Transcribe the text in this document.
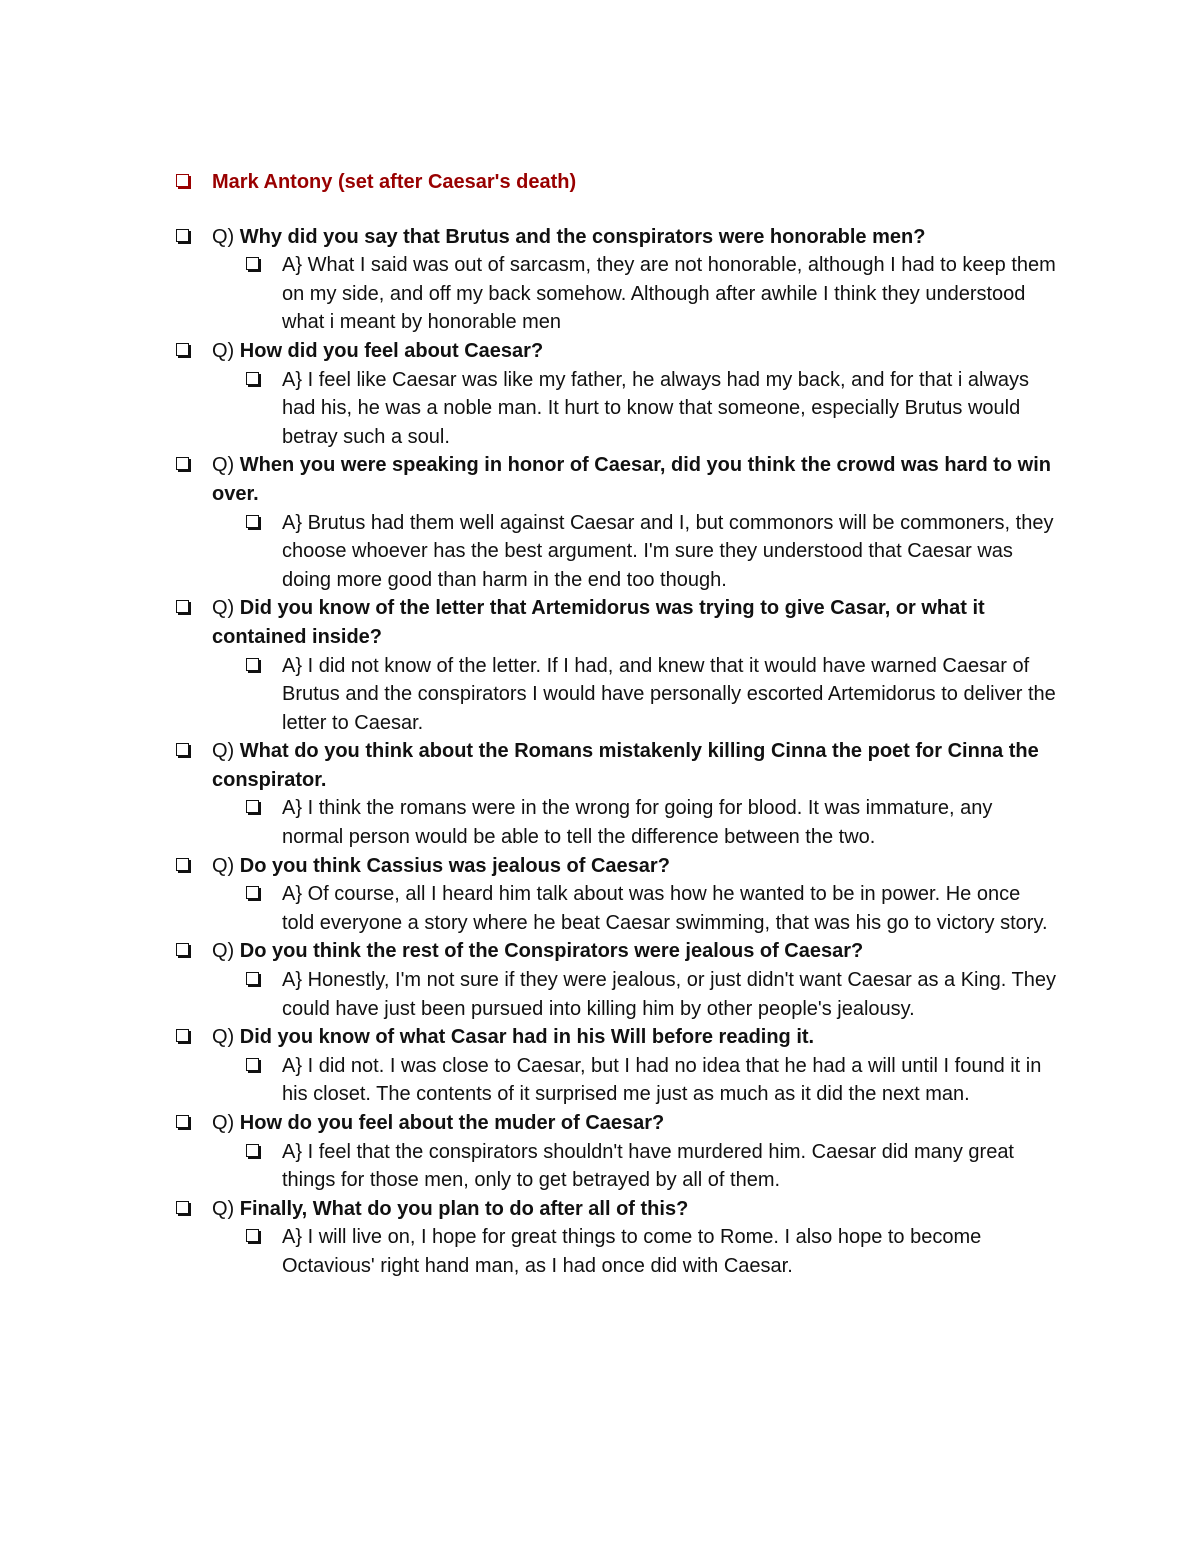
Mark Antony (set after Caesar's death)
Q) Why did you say that Brutus and the conspirators were honorable men?
A} What I said was out of sarcasm, they are not honorable, although I had to keep them on my side, and off my back somehow. Although after awhile I think they understood what i meant by honorable men
Q) How did you feel about Caesar?
A} I feel like Caesar was like my father, he always had my back, and for that i always had his, he was a noble man. It hurt to know that someone, especially Brutus would betray such a soul.
Q) When you were speaking in honor of Caesar, did you think the crowd was hard to win over.
A} Brutus had them well against Caesar and I, but commonors will be commoners, they choose whoever has the best argument. I'm sure they understood that Caesar was doing more good than harm in the end too though.
Q) Did you know of the letter that Artemidorus was trying to give Casar, or what it contained inside?
A} I did not know of the letter. If I had, and knew that it would have warned Caesar of Brutus and the conspirators I would have personally escorted Artemidorus to deliver the letter to Caesar.
Q) What do you think about the Romans mistakenly killing Cinna the poet for Cinna the conspirator.
A} I think the romans were in the wrong for going for blood. It was immature, any normal person would be able to tell the difference between the two.
Q) Do you think Cassius was jealous of Caesar?
A} Of course, all I heard him talk about was how he wanted to be in power. He once told everyone a story where he beat Caesar swimming, that was his go to victory story.
Q) Do you think the rest of the Conspirators were jealous of Caesar?
A} Honestly, I'm not sure if they were jealous, or just didn't want Caesar as a King. They could have just been pursued into killing him by other people's jealousy.
Q) Did you know of what Casar had in his Will before reading it.
A} I did not. I was close to Caesar, but I had no idea that he had a will until I found it in his closet. The contents of it surprised me just as much as it did the next man.
Q) How do you feel about the muder of Caesar?
A} I feel that the conspirators shouldn't have murdered him. Caesar did many great things for those men, only to get betrayed by all of them.
Q) Finally, What do you plan to do after all of this?
A} I will live on, I hope for great things to come to Rome. I also hope to become Octavious' right hand man, as I had once did with Caesar.
